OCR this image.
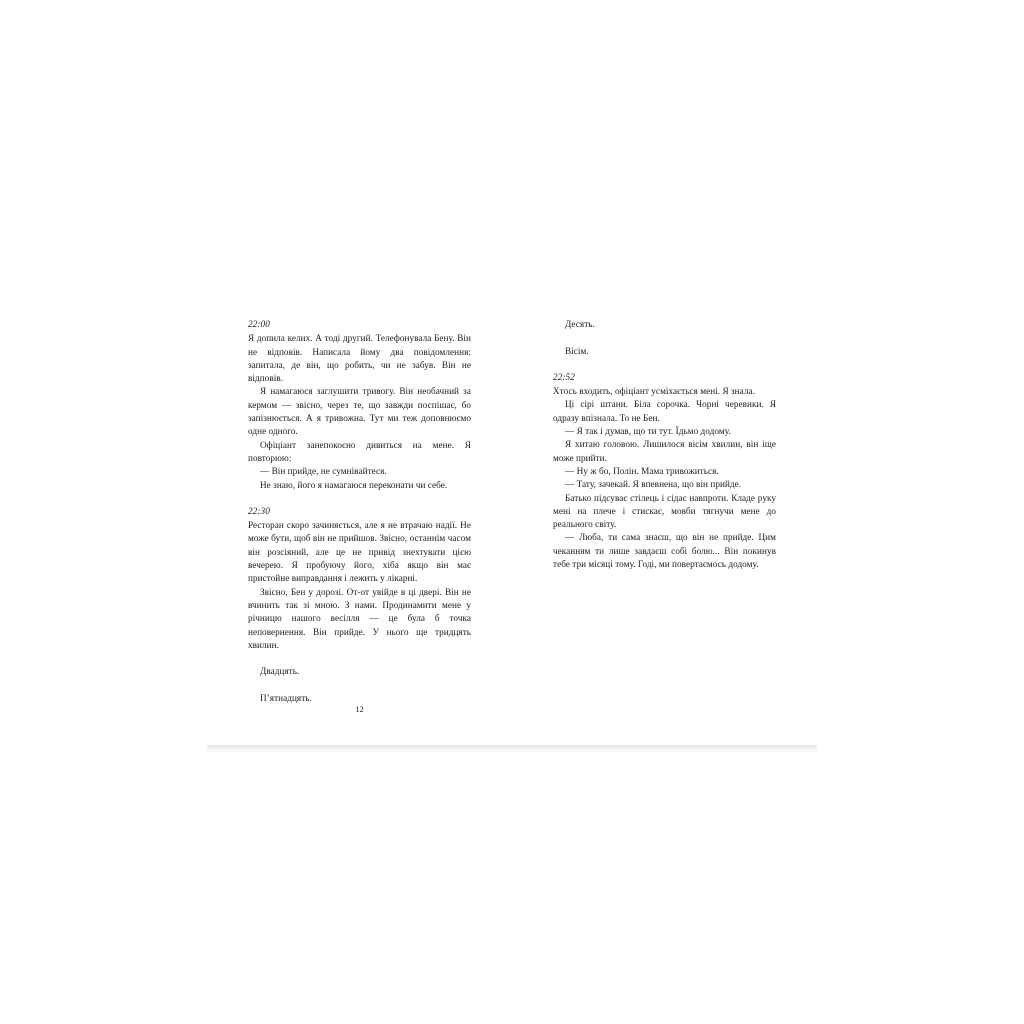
22:00

Я допила келих. А тоді другий. Телефонувала Бену. Він не відповів. Написала йому два повідомлення: запитала, де він, що робить, чи не забув. Він не відповів.

Я намагаюся заглушити тривогу. Він необачний за кермом — звісно, через те, що завжди поспішає, бо запізнюється. А я тривожна. Тут ми теж доповнюємо одне одного.

Офіціант занепокоєно дивиться на мене. Я повторюю:

— Він прийде, не сумнівайтеся.

Не знаю, його я намагаюся переконати чи себе.

22:30

Ресторан скоро зачиняється, але я не втрачаю надії. Не може бути, щоб він не прийшов. Звісно, останнім часом він розсіяний, але це не привід знехтувати цією вечерею. Я пробуючу його, хіба якщо він має пристойне виправдання і лежить у лікарні.

Звісно, Бен у дорозі. От-от увійде в ці двері. Він не вчинить так зі мною. З нами. Продинамити мене у річницю нашого весілля — це була б точка неповернення. Він прийде. У нього ще тридцять хвилин.

Двадцять.

П’ятнадцять.

Десять.

Вісім.

22:52

Хтось входить, офіціант усміхається мені. Я знала.

Ці сірі штани. Біла сорочка. Чорні черевики. Я одразу впізнала. То не Бен.

— Я так і думав, що ти тут. Їдьмо додому.

Я хитаю головою. Лишилося вісім хвилин, він іще може прийти.

— Ну ж бо, Полін. Мама тривожиться.

— Тату, зачекай. Я впевнена, що він прийде.

Батько підсуває стілець і сідає навпроти. Кладе руку мені на плече і стискає, мовби тягнучи мене до реального світу.

— Люба, ти сама знаєш, що він не прийде. Цим чеканням ти лише завдаєш собі болю... Він покинув тебе три місяці тому. Годі, ми повертаємось додому.

12
